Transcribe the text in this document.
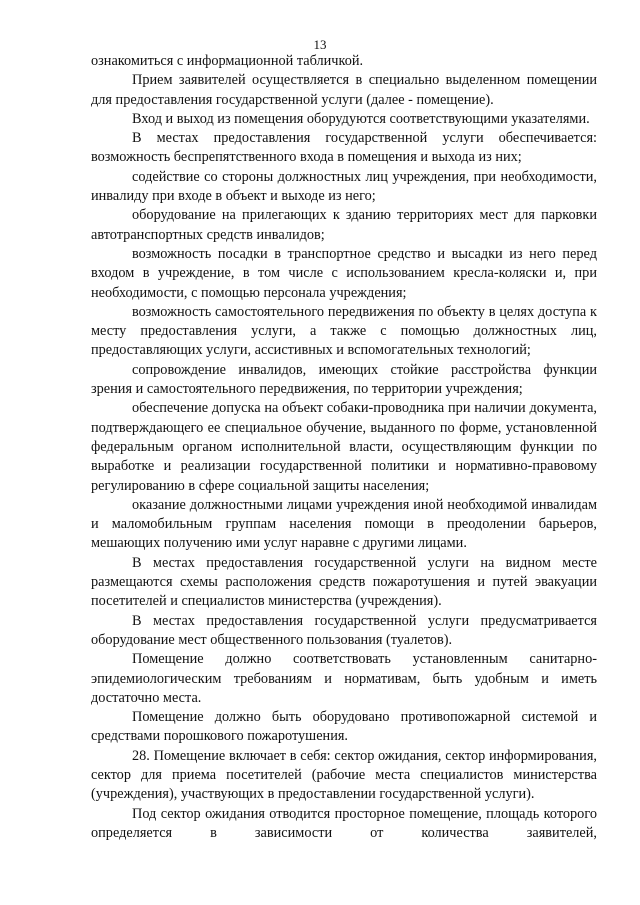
13

ознакомиться с информационной табличкой.

Прием заявителей осуществляется в специально выделенном помещении для предоставления государственной услуги (далее - помещение).

Вход и выход из помещения оборудуются соответствующими указателями.

В местах предоставления государственной услуги обеспечивается: возможность беспрепятственного входа в помещения и выхода из них;

содействие со стороны должностных лиц учреждения, при необходимости, инвалиду при входе в объект и выходе из него;

оборудование на прилегающих к зданию территориях мест для парковки автотранспортных средств инвалидов;

возможность посадки в транспортное средство и высадки из него перед входом в учреждение, в том числе с использованием кресла-коляски и, при необходимости, с помощью персонала учреждения;

возможность самостоятельного передвижения по объекту в целях доступа к месту предоставления услуги, а также с помощью должностных лиц, предоставляющих услуги, ассистивных и вспомогательных технологий;

сопровождение инвалидов, имеющих стойкие расстройства функции зрения и самостоятельного передвижения, по территории учреждения;

обеспечение допуска на объект собаки-проводника при наличии документа, подтверждающего ее специальное обучение, выданного по форме, установленной федеральным органом исполнительной власти, осуществляющим функции по выработке и реализации государственной политики и нормативно-правовому регулированию в сфере социальной защиты населения;

оказание должностными лицами учреждения иной необходимой инвалидам и маломобильным группам населения помощи в преодолении барьеров, мешающих получению ими услуг наравне с другими лицами.

В местах предоставления государственной услуги на видном месте размещаются схемы расположения средств пожаротушения и путей эвакуации посетителей и специалистов министерства (учреждения).

В местах предоставления государственной услуги предусматривается оборудование мест общественного пользования (туалетов).

Помещение должно соответствовать установленным санитарно-эпидемиологическим требованиям и нормативам, быть удобным и иметь достаточно места.

Помещение должно быть оборудовано противопожарной системой и средствами порошкового пожаротушения.

28. Помещение включает в себя: сектор ожидания, сектор информирования, сектор для приема посетителей (рабочие места специалистов министерства (учреждения), участвующих в предоставлении государственной услуги).

Под сектор ожидания отводится просторное помещение, площадь которого определяется в зависимости от количества заявителей,
